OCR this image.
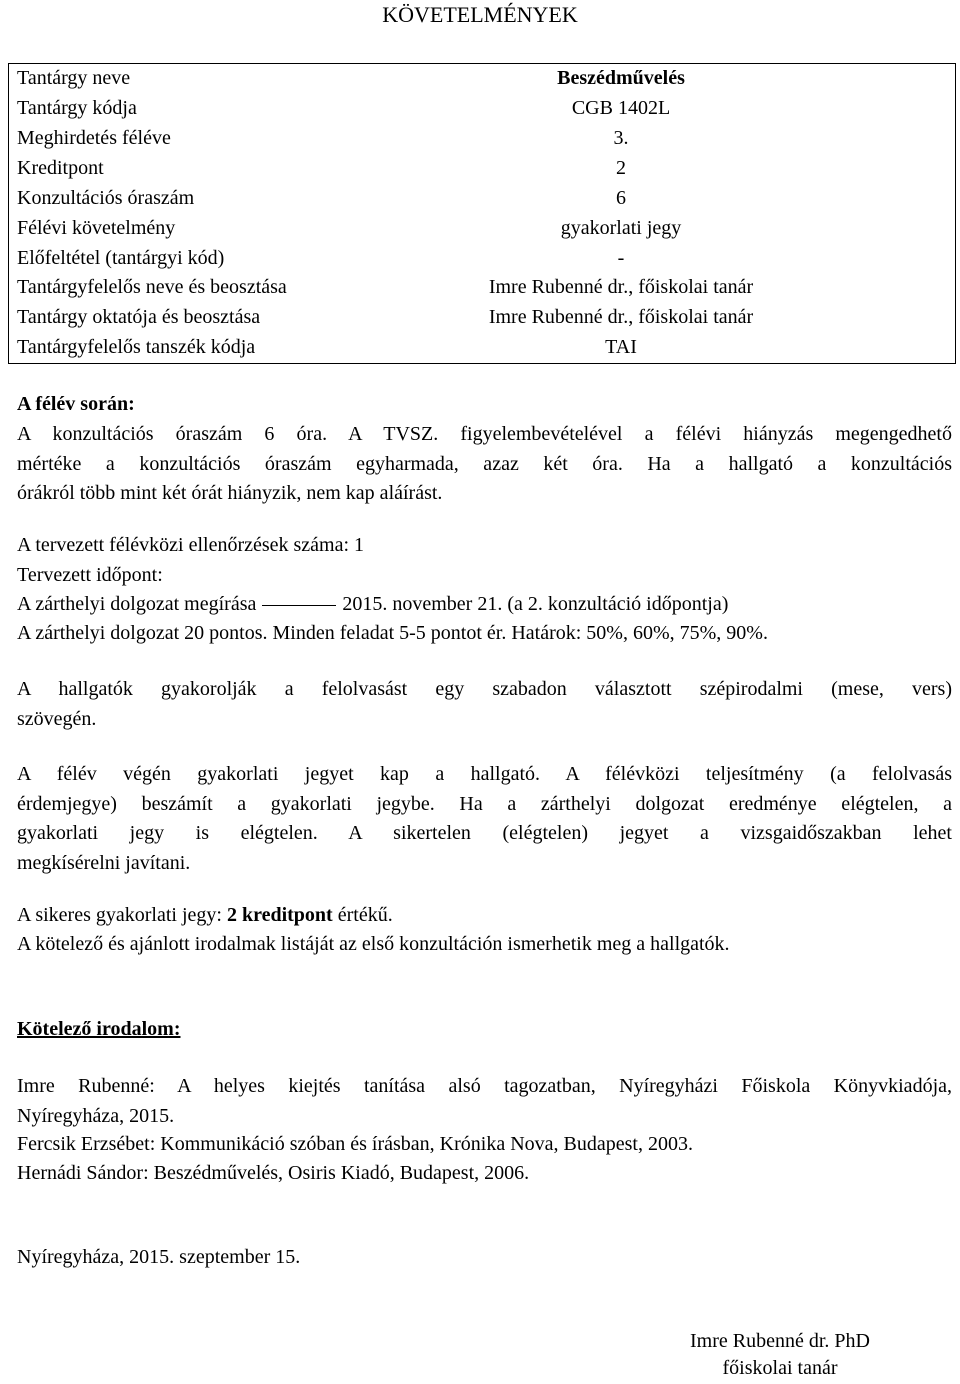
KÖVETELMÉNYEK
Tantárgy neve	Beszédművelés
Tantárgy kódja	CGB 1402L
Meghirdetés féléve	3.
Kreditpont	2
Konzultációs óraszám	6
Félévi követelmény	gyakorlati jegy
Előfeltétel (tantárgyi kód)	-
Tantárgyfelelős neve és beosztása	Imre Rubenné dr., főiskolai tanár
Tantárgy oktatója és beosztása	Imre Rubenné dr., főiskolai tanár
Tantárgyfelelős tanszék kódja	TAI

A félév során:

A konzultációs óraszám 6 óra. A TVSZ. figyelembevételével a félévi hiányzás megengedhető
mértéke a konzultációs óraszám egyharmada, azaz két óra. Ha a hallgató a konzultációs
órákról több mint két órát hiányzik, nem kap aláírást.

A tervezett félévközi ellenőrzések száma: 1

Tervezett időpont:

A zárthelyi dolgozat megírása	2015. november 21. (a 2. konzultáció időpontja)

A zárthelyi dolgozat 20 pontos. Minden feladat 5-5 pontot ér. Határok: 50%, 60%, 75%, 90%.

A hallgatók gyakorolják a felolvasást egy szabadon választott szépirodalmi (mese, vers)
szövegén.

A félév végén gyakorlati jegyet kap a hallgató. A félévközi teljesítmény (a felolvasás
érdemjegye) beszámít a gyakorlati jegybe. Ha a zárthelyi dolgozat eredménye elégtelen, a
gyakorlati jegy is elégtelen. A sikertelen (elégtelen) jegyet a vizsgaidőszakban lehet
megkísérelni javítani.

A sikeres gyakorlati jegy: 2 kreditpont értékű.

A kötelező és ajánlott irodalmak listáját az első konzultáción ismerhetik meg a hallgatók.

Kötelező irodalom:

Imre Rubenné: A helyes kiejtés tanítása alsó tagozatban, Nyíregyházi Főiskola Könyvkiadója,
Nyíregyháza, 2015.

Fercsik Erzsébet: Kommunikáció szóban és írásban, Krónika Nova, Budapest, 2003.

Hernádi Sándor: Beszédművelés, Osiris Kiadó, Budapest, 2006.

Nyíregyháza, 2015. szeptember 15.

Imre Rubenné dr. PhD
főiskolai tanár
